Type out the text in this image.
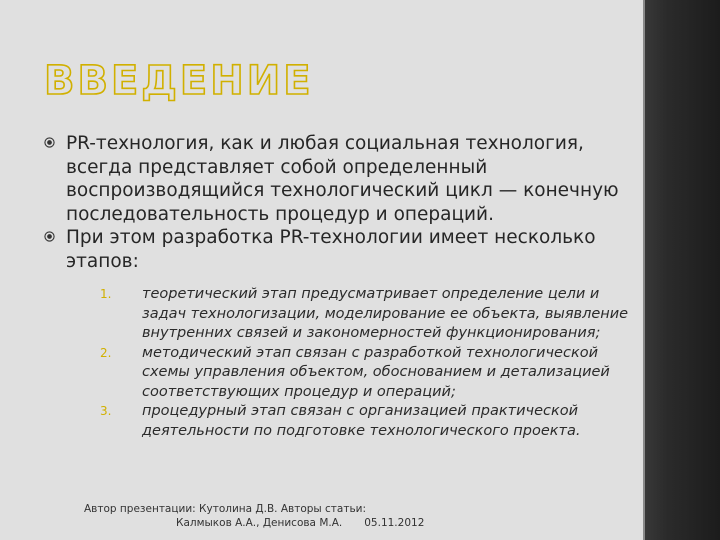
ВВЕДЕНИЕ
PR-технология, как и любая социальная технология, всегда представляет собой определенный воспроизводящийся технологический цикл — конечную последовательность процедур и операций.
При этом разработка PR-технологии имеет несколько этапов:
1. теоретический этап предусматривает определение цели и задач технологизации, моделирование ее объекта, выявление внутренних связей и закономерностей функционирования;
2. методический этап связан с разработкой технологической схемы управления объектом, обоснованием и детализацией соответствующих процедур и операций;
3. процедурный этап связан с организацией практической деятельности по подготовке технологического проекта.
Автор презентации: Кутолина Д.В. Авторы статьи:
Калмыков А.А., Денисова М.А. 05.11.2012
